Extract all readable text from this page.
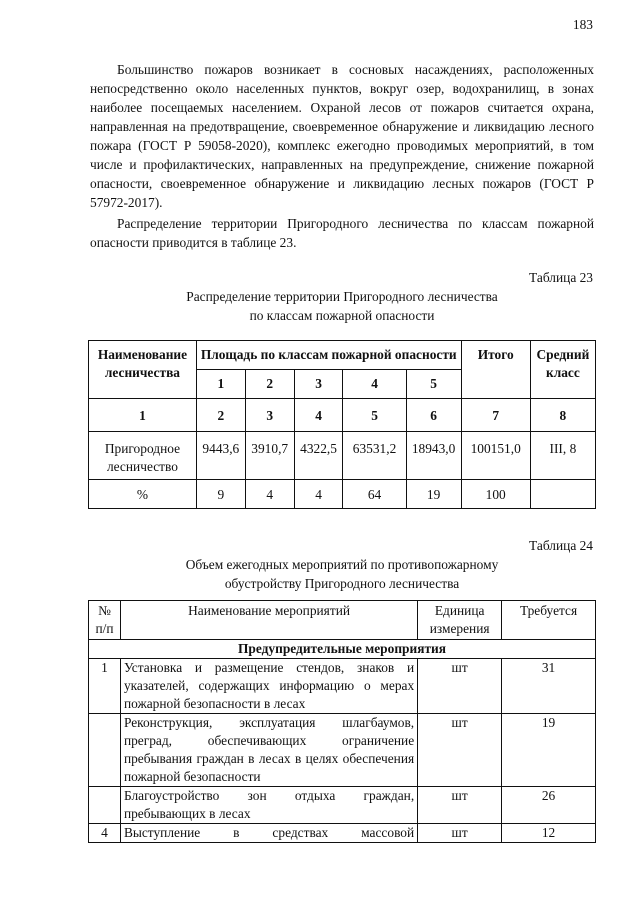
183

Большинство пожаров возникает в сосновых насаждениях, расположенных непосредственно около населенных пунктов, вокруг озер, водохранилищ, в зонах наиболее посещаемых населением. Охраной лесов от пожаров считается охрана, направленная на предотвращение, своевременное обнаружение и ликвидацию лесного пожара (ГОСТ Р 59058-2020), комплекс ежегодно проводимых мероприятий, в том числе и профилактических, направленных на предупреждение, снижение пожарной опасности, своевременное обнаружение и ликвидацию лесных пожаров (ГОСТ Р 57972-2017).

Распределение территории Пригородного лесничества по классам пожарной опасности приводится в таблице 23.

Таблица 23
Распределение территории Пригородного лесничества
по классам пожарной опасности
Наименование лесничества	Площадь по классам пожарной опасности					Итого	Средний класс
	1	2	3	4	5		
1	2	3	4	5	6	7	8
Пригородное лесничество	9443,6	3910,7	4322,5	63531,2	18943,0	100151,0	III, 8
%	9	4	4	64	19	100	
Таблица 24
Объем ежегодных мероприятий по противопожарному
обустройству Пригородного лесничества
№ п/п	Наименование мероприятий	Единица измерения	Требуется
Предупредительные мероприятия			
1	Установка и размещение стендов, знаков и указателей, содержащих информацию о мерах пожарной безопасности в лесах	шт	31
	Реконструкция, эксплуатация шлагбаумов, преград, обеспечивающих ограничение пребывания граждан в лесах в целях обеспечения пожарной безопасности	шт	19
	Благоустройство зон отдыха граждан, пребывающих в лесах	шт	26
4	Выступление в средствах массовой	шт	12
